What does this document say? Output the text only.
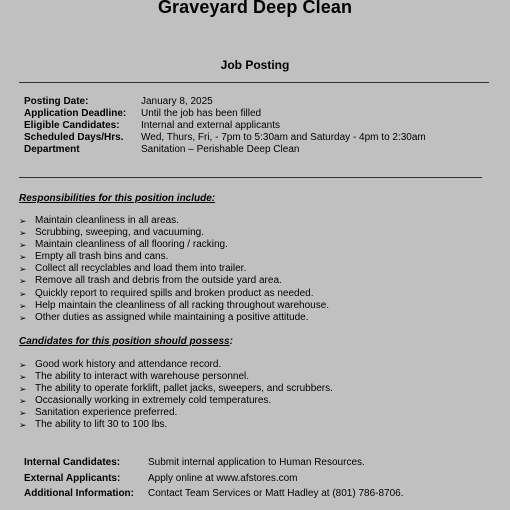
Graveyard Deep Clean
Job Posting
Posting Date:	January 8, 2025
Application Deadline:	Until the job has been filled
Eligible Candidates:	Internal and external applicants
Scheduled Days/Hrs.	Wed, Thurs, Fri, - 7pm to 5:30am and Saturday - 4pm to 2:30am
Department	Sanitation – Perishable Deep Clean
Responsibilities for this position include:
➢ Maintain cleanliness in all areas.
➢ Scrubbing, sweeping, and vacuuming.
➢ Maintain cleanliness of all flooring / racking.
➢ Empty all trash bins and cans.
➢ Collect all recyclables and load them into trailer.
➢ Remove all trash and debris from the outside yard area.
➢ Quickly report to required spills and broken product as needed.
➢ Help maintain the cleanliness of all racking throughout warehouse.
➢ Other duties as assigned while maintaining a positive attitude.
Candidates for this position should possess:
➢ Good work history and attendance record.
➢ The ability to interact with warehouse personnel.
➢ The ability to operate forklift, pallet jacks, sweepers, and scrubbers.
➢ Occasionally working in extremely cold temperatures.
➢ Sanitation experience preferred.
➢ The ability to lift 30 to 100 lbs.
Internal Candidates:	Submit internal application to Human Resources.
External Applicants:	Apply online at www.afstores.com
Additional Information:	Contact Team Services or Matt Hadley at (801) 786-8706.
